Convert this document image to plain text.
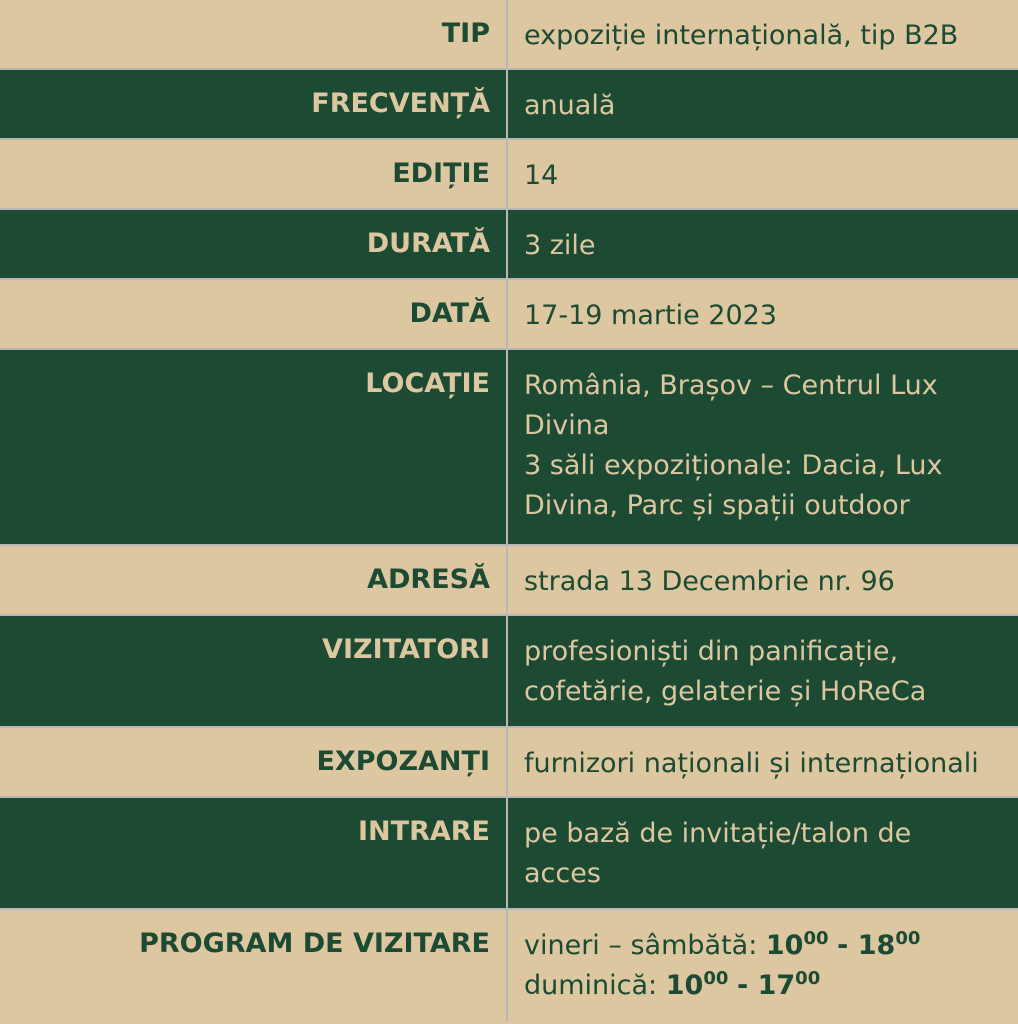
TIP	expoziție internațională, tip B2B
FRECVENȚĂ	anuală
EDIȚIE	14
DURATĂ	3 zile
DATĂ	17-19 martie 2023
LOCAȚIE	România, Brașov – Centrul Lux
Divina
3 săli expoziționale: Dacia, Lux
Divina, Parc și spații outdoor
ADRESĂ	strada 13 Decembrie nr. 96
VIZITATORI	profesioniști din panificație,
cofetărie, gelaterie și HoReCa
EXPOZANȚI	furnizori naționali și internaționali
INTRARE	pe bază de invitație/talon de
acces
PROGRAM DE VIZITARE	vineri – sâmbătă: $10^{00} - 18^{00}$
duminică: $10^{00} - 17^{00}$
